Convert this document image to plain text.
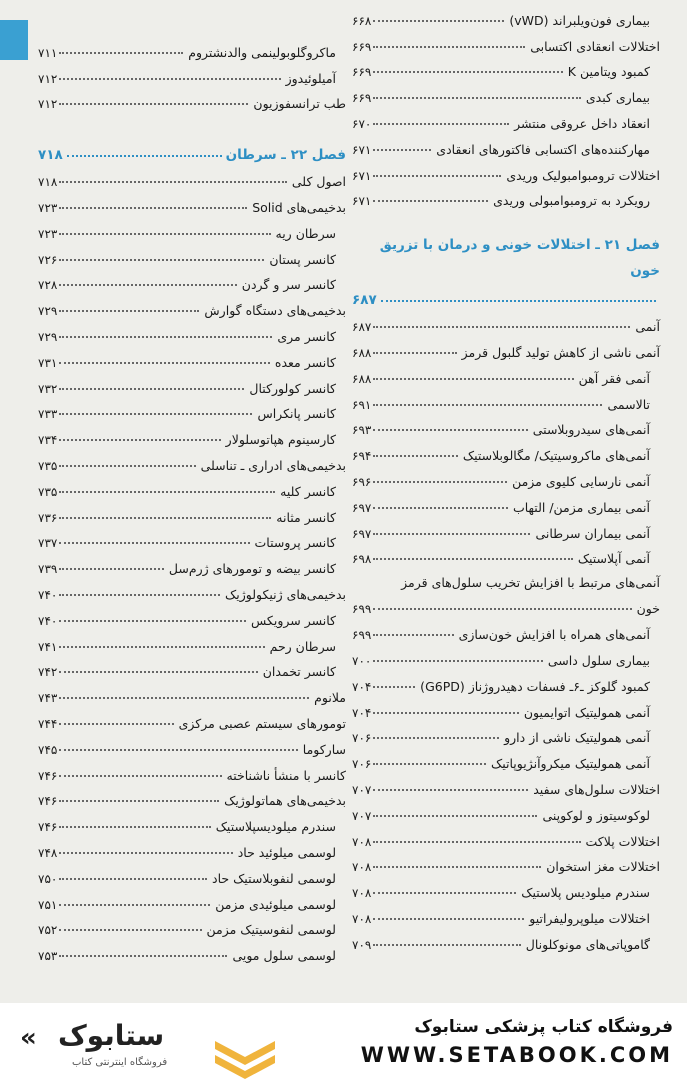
بیماری فون‌ویلبراند (vWD)
۶۶۸
اختلالات انعقادی اکتسابی
۶۶۹
کمبود ویتامین K
۶۶۹
بیماری کبدی
۶۶۹
انعقاد داخل عروقی منتشر
۶۷۰
مهارکننده‌های اکتسابی فاکتورهای انعقادی
۶۷۱
اختلالات ترومبوامبولیک وریدی
۶۷۱
رویکرد به ترومبوامبولی وریدی
۶۷۱
فصل ۲۱ ـ اختلالات خونی و درمان با تزریق خون
۶۸۷
آنمی
۶۸۷
آنمی ناشی از کاهش تولید گلبول قرمز
۶۸۸
آنمی فقر آهن
۶۸۸
تالاسمی
۶۹۱
آنمی‌های سیدروبلاستی
۶۹۳
آنمی‌های ماکروسیتیک/ مگالوبلاستیک
۶۹۴
آنمی نارسایی کلیوی مزمن
۶۹۶
آنمی بیماری مزمن/ التهاب
۶۹۷
آنمی بیماران سرطانی
۶۹۷
آنمی آپلاستیک
۶۹۸
آنمی‌های مرتبط با افزایش تخریب سلول‌های قرمز
خون
۶۹۹
آنمی‌های همراه با افزایش خون‌سازی
۶۹۹
بیماری سلول داسی
۷۰۰
کمبود گلوکز ـ۶ـ فسفات دهیدروژناز (G6PD)
۷۰۴
آنمی همولیتیک اتوایمیون
۷۰۴
آنمی همولیتیک ناشی از دارو
۷۰۶
آنمی همولیتیک میکروآنژیوپاتیک
۷۰۶
اختلالات سلول‌های سفید
۷۰۷
لوکوسیتوز و لوکوپنی
۷۰۷
اختلالات پلاکت
۷۰۸
اختلالات مغز استخوان
۷۰۸
سندرم میلودیس پلاستیک
۷۰۸
اختلالات میلوپرولیفراتیو
۷۰۸
گاموپاتی‌های مونوکلونال
۷۰۹
ماکروگلوبولینمی والدنشتروم
۷۱۱
آمیلوئیدوز
۷۱۲
طب ترانسفوزیون
۷۱۲
فصل ۲۲ ـ سرطان
۷۱۸
اصول کلی
۷۱۸
بدخیمی‌های Solid
۷۲۳
سرطان ریه
۷۲۳
کانسر پستان
۷۲۶
کانسر سر و گردن
۷۲۸
بدخیمی‌های دستگاه گوارش
۷۲۹
کانسر مری
۷۲۹
کانسر معده
۷۳۱
کانسر کولورکتال
۷۳۲
کانسر پانکراس
۷۳۳
کارسینوم هپاتوسلولار
۷۳۴
بدخیمی‌های ادراری ـ تناسلی
۷۳۵
کانسر کلیه
۷۳۵
کانسر مثانه
۷۳۶
کانسر پروستات
۷۳۷
کانسر بیضه و تومورهای ژرم‌سل
۷۳۹
بدخیمی‌های ژنیکولوژیک
۷۴۰
کانسر سرویکس
۷۴۰
سرطان رحم
۷۴۱
کانسر تخمدان
۷۴۲
ملانوم
۷۴۳
تومورهای سیستم عصبی مرکزی
۷۴۴
سارکوما
۷۴۵
کانسر با منشأ ناشناخته
۷۴۶
بدخیمی‌های هماتولوژیک
۷۴۶
سندرم میلودیسپلاستیک
۷۴۶
لوسمی میلوئید حاد
۷۴۸
لوسمی لنفوبلاستیک حاد
۷۵۰
لوسمی میلوئیدی مزمن
۷۵۱
لوسمی لنفوسیتیک مزمن
۷۵۲
لوسمی سلول مویی
۷۵۳
« ستابوک
فروشگاه اینترنتی کتاب
فروشگاه کتاب پزشکی ستابوک
WWW.SETABOOK.COM
